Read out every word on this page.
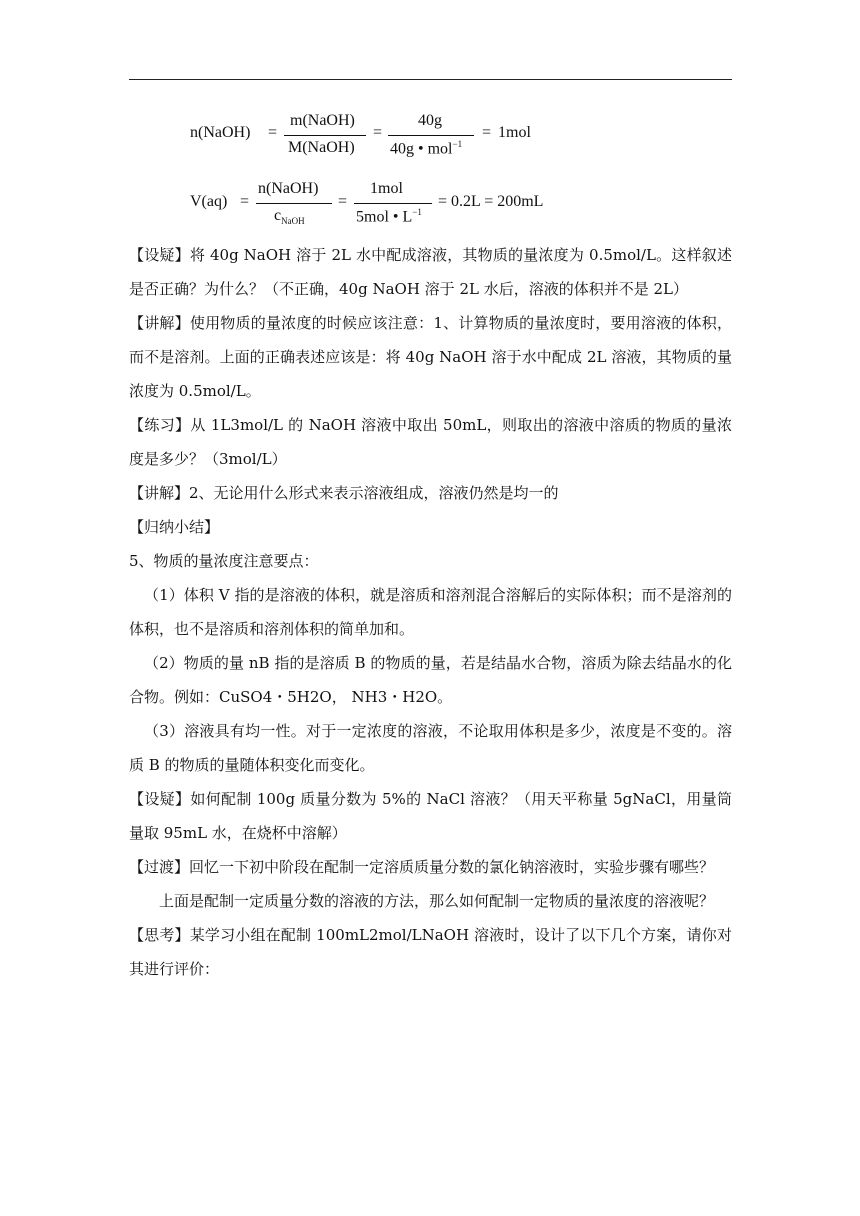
n(NaOH) =
m(NaOH)
M(NaOH)
=
40g
40g • mol$^{-1}$
= 1mol
V(aq) =
n(NaOH)
$c_{NaOH}$
=
1mol
5mol • $L^{-1}$
= 0.2L = 200mL

【设疑】将 40g NaOH 溶于 2L 水中配成溶液，其物质的量浓度为 0.5mol/L。这样叙述是否正确？为什么？（不正确，40g NaOH 溶于 2L 水后，溶液的体积并不是 2L）

【讲解】使用物质的量浓度的时候应该注意：1、计算物质的量浓度时，要用溶液的体积，而不是溶剂。上面的正确表述应该是：将 40g NaOH 溶于水中配成 2L 溶液，其物质的量浓度为 0.5mol/L。

【练习】从 1L3mol/L 的 NaOH 溶液中取出 50mL，则取出的溶液中溶质的物质的量浓度是多少？（3mol/L）

【讲解】2、无论用什么形式来表示溶液组成，溶液仍然是均一的

【归纳小结】

5、物质的量浓度注意要点：

（1）体积 V 指的是溶液的体积，就是溶质和溶剂混合溶解后的实际体积；而不是溶剂的体积，也不是溶质和溶剂体积的简单加和。

（2）物质的量 nB 指的是溶质 B 的物质的量，若是结晶水合物，溶质为除去结晶水的化合物。例如：CuSO4・5H2O， NH3・H2O。

（3）溶液具有均一性。对于一定浓度的溶液，不论取用体积是多少，浓度是不变的。溶质 B 的物质的量随体积变化而变化。

【设疑】如何配制 100g 质量分数为 5%的 NaCl 溶液？（用天平称量 5gNaCl，用量筒量取 95mL 水，在烧杯中溶解）

【过渡】回忆一下初中阶段在配制一定溶质质量分数的氯化钠溶液时，实验步骤有哪些？

上面是配制一定质量分数的溶液的方法，那么如何配制一定物质的量浓度的溶液呢？

【思考】某学习小组在配制 100mL2mol/LNaOH 溶液时，设计了以下几个方案，请你对其进行评价：
